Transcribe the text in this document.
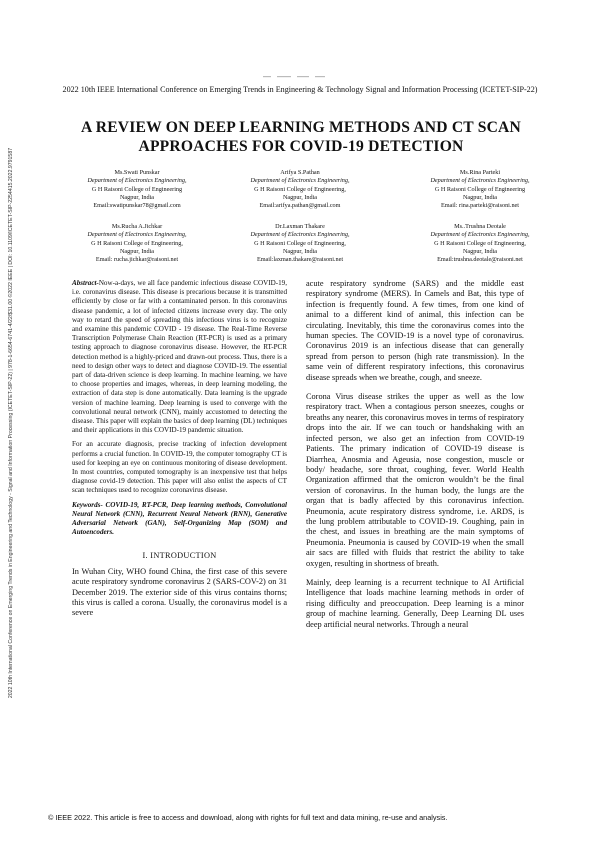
2022 10th International Conference on Emerging Trends in Engineering and Technology - Signal and Information Processing (ICETET-SIP-22) | 978-1-6654-6741-4/22/$31.00 ©2022 IEEE | DOI: 10.1109/ICETET-SIP-2254415.2022.9791587
2022 10th IEEE International Conference on Emerging Trends in Engineering & Technology Signal and Information Processing (ICETET-SIP-22)
A REVIEW ON DEEP LEARNING METHODS AND CT SCAN APPROACHES FOR COVID-19 DETECTION
Ms.Swati Punskar
Department of Electronics Engineering,
G H Raisoni College of Engineering
Nagpur, India
Email:swatipunskar78@gmail.com
Arifya S.Pathan
Department of Electronics Engineering,
G H Raisoni College of Engineering,
Nagpur, India
Email:arifya.pathan@gmail.com
Ms.Rina Parteki
Department of Electronics Engineering,
G H Raisoni College of Engineering
Nagpur, India
Email: rina.parteki@raisoni.net
Ms.Rucha A.Jichkar
Department of Electronics Engineering,
G H Raisoni College of Engineering,
Nagpur, India
Email: rucha.jichkar@raisoni.net
Dr.Laxman Thakare
Department of Electronics Engineering,
G H Raisoni College of Engineering,
Nagpur, India
Email:laxman.thakare@raisoni.net
Ms..Trushna Deotale
Department of Electronics Engineering,
G H Raisoni College of Engineering,
Nagpur, India
Email:trushna.deotale@raisoni.net

Abstract-Now-a-days, we all face pandemic infectious disease COVID-19, i.e. coronavirus disease. This disease is precarious because it is transmitted efficiently by close or far with a contaminated person. In this coronavirus disease pandemic, a lot of infected citizens increase every day. The only way to retard the speed of spreading this infectious virus is to recognize and examine this pandemic COVID - 19 disease. The Real-Time Reverse Transcription Polymerase Chain Reaction (RT-PCR) is used as a primary testing approach to diagnose coronavirus disease. However, the RT-PCR detection method is a highly-priced and drawn-out process. Thus, there is a need to design other ways to detect and diagnose COVID-19. The essential part of data-driven science is deep learning. In machine learning, we have to choose properties and images, whereas, in deep learning modeling, the extraction of data step is done automatically. Data learning is the upgrade version of machine learning. Deep learning is used to converge with the convolutional neural network (CNN), mainly accustomed to detecting the disease. This paper will explain the basics of deep learning (DL) techniques and their applications in this COVID-19 pandemic situation.

For an accurate diagnosis, precise tracking of infection development performs a crucial function. In COVID-19, the computer tomography CT is used for keeping an eye on continuous monitoring of disease development. In most countries, computed tomography is an inexpensive test that helps diagnose covid-19 detection. This paper will also enlist the aspects of CT scan techniques used to recognize coronavirus disease.

Keywords- COVID-19, RT-PCR, Deep learning methods, Convolutional Neural Network (CNN), Recurrent Neural Network (RNN), Generative Adversarial Network (GAN), Self-Organizing Map (SOM) and Autoencoders.

I. INTRODUCTION

In Wuhan City, WHO found China, the first case of this severe acute respiratory syndrome coronavirus 2 (SARS-COV-2) on 31 December 2019. The exterior side of this virus contains thorns; this virus is called a corona. Usually, the coronavirus model is a severe

acute respiratory syndrome (SARS) and the middle east respiratory syndrome (MERS). In Camels and Bat, this type of infection is frequently found. A few times, from one kind of animal to a different kind of animal, this infection can be circulating. Inevitably, this time the coronavirus comes into the human species. The COVID-19 is a novel type of coronavirus. Coronavirus 2019 is an infectious disease that can generally spread from person to person (high rate transmission). In the same vein of different respiratory infections, this coronavirus disease spreads when we breathe, cough, and sneeze.

Corona Virus disease strikes the upper as well as the low respiratory tract. When a contagious person sneezes, coughs or breaths any nearer, this coronavirus moves in terms of respiratory drops into the air. If we can touch or handshaking with an infected person, we also get an infection from COVID-19 Patients. The primary indication of COVID-19 disease is Diarrhea, Anosmia and Ageusia, nose congestion, muscle or body/ headache, sore throat, coughing, fever. World Health Organization affirmed that the omicron wouldn’t be the final version of coronavirus. In the human body, the lungs are the organ that is badly affected by this coronavirus infection. Pneumonia, acute respiratory distress syndrome, i.e. ARDS, is the lung problem attributable to COVID-19. Coughing, pain in the chest, and issues in breathing are the main symptoms of Pneumonia. Pneumonia is caused by COVID-19 when the small air sacs are filled with fluids that restrict the ability to take oxygen, resulting in shortness of breath.

Mainly, deep learning is a recurrent technique to AI Artificial Intelligence that loads machine learning methods in order of rising difficulty and preoccupation. Deep learning is a minor group of machine learning. Generally, Deep Learning DL uses deep artificial neural networks. Through a neural

© IEEE 2022. This article is free to access and download, along with rights for full text and data mining, re-use and analysis.
